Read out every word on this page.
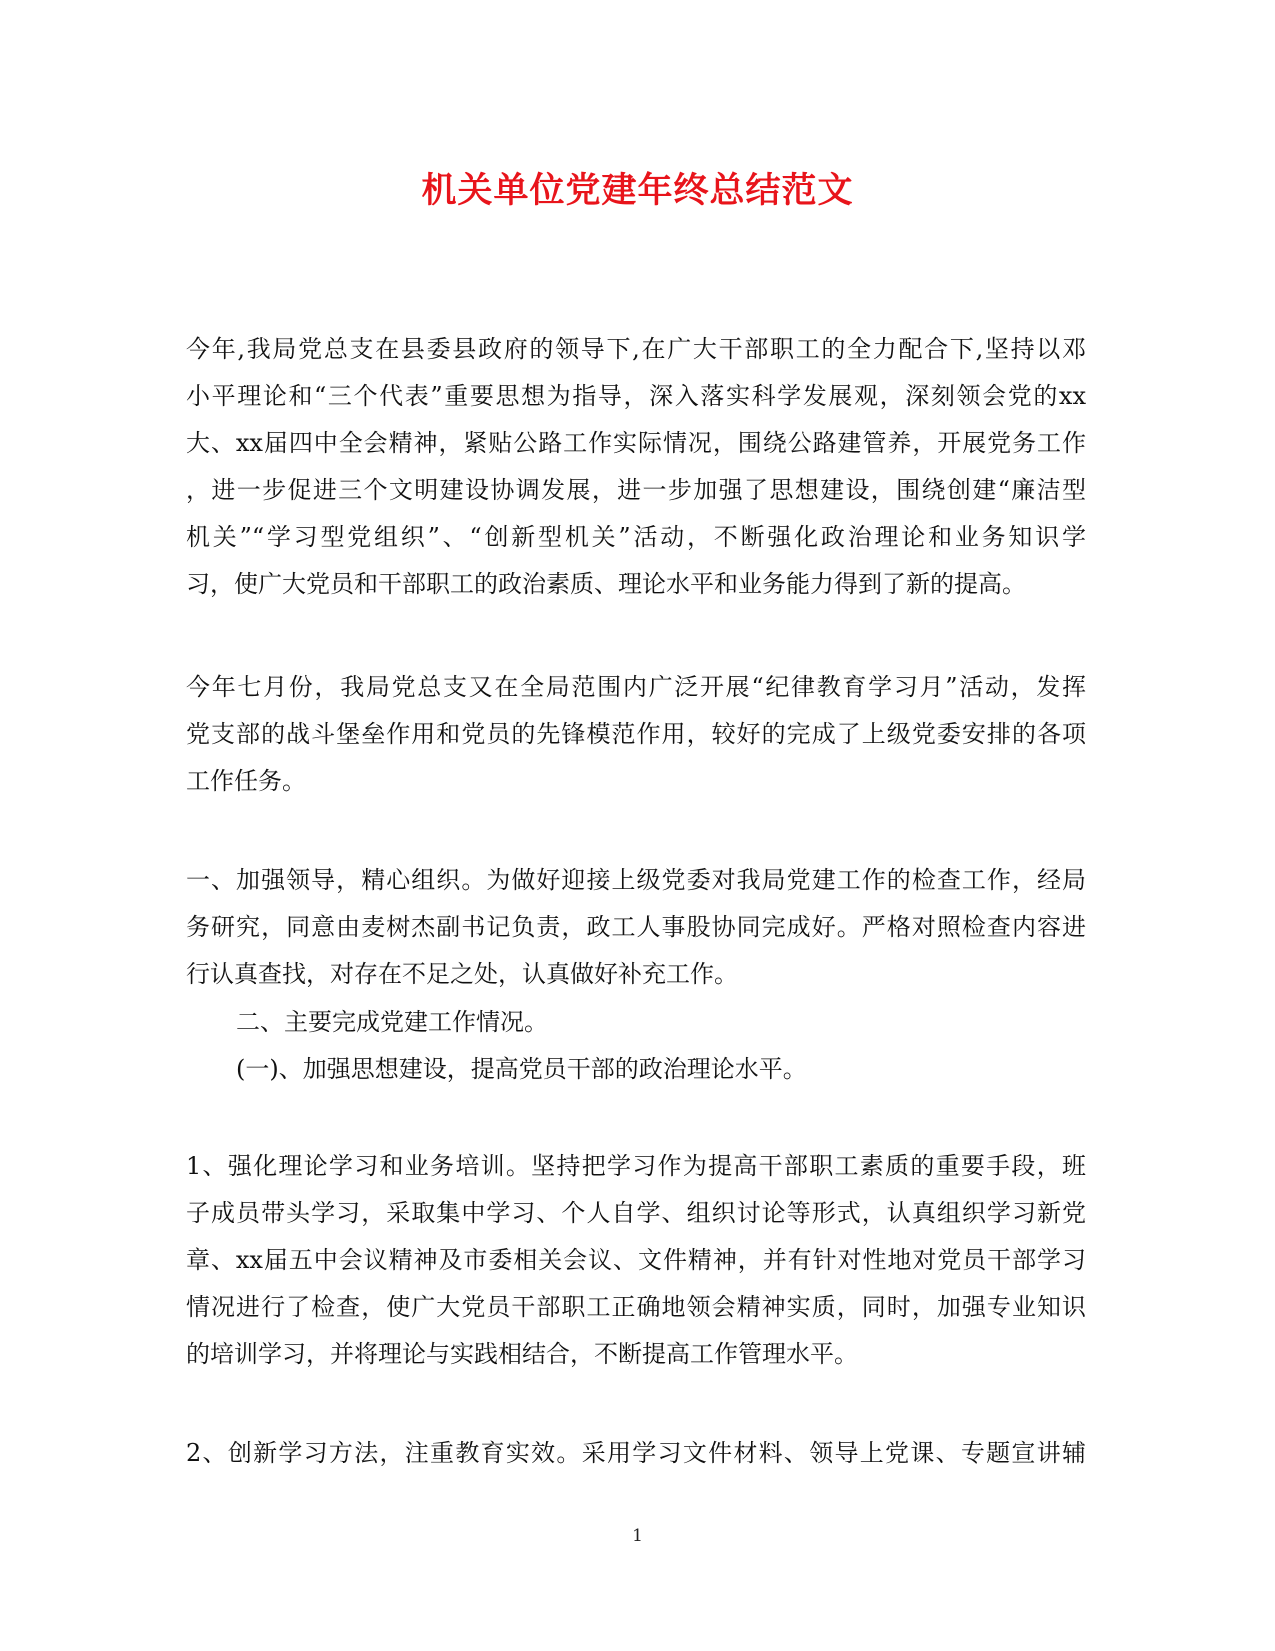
机关单位党建年终总结范文
今年,我局党总支在县委县政府的领导下,在广大干部职工的全力配合下,坚持以邓
小平理论和“三个代表”重要思想为指导，深入落实科学发展观，深刻领会党的xx
大、xx届四中全会精神，紧贴公路工作实际情况，围绕公路建管养，开展党务工作
，进一步促进三个文明建设协调发展，进一步加强了思想建设，围绕创建“廉洁型
机关”“学习型党组织”、“创新型机关”活动，不断强化政治理论和业务知识学
习，使广大党员和干部职工的政治素质、理论水平和业务能力得到了新的提高。
今年七月份，我局党总支又在全局范围内广泛开展“纪律教育学习月”活动，发挥
党支部的战斗堡垒作用和党员的先锋模范作用，较好的完成了上级党委安排的各项
工作任务。
一、加强领导，精心组织。为做好迎接上级党委对我局党建工作的检查工作，经局
务研究，同意由麦树杰副书记负责，政工人事股协同完成好。严格对照检查内容进
行认真查找，对存在不足之处，认真做好补充工作。
二、主要完成党建工作情况。
(一)、加强思想建设，提高党员干部的政治理论水平。
1、强化理论学习和业务培训。坚持把学习作为提高干部职工素质的重要手段，班
子成员带头学习，采取集中学习、个人自学、组织讨论等形式，认真组织学习新党
章、xx届五中会议精神及市委相关会议、文件精神，并有针对性地对党员干部学习
情况进行了检查，使广大党员干部职工正确地领会精神实质，同时，加强专业知识
的培训学习，并将理论与实践相结合，不断提高工作管理水平。
2、创新学习方法，注重教育实效。采用学习文件材料、领导上党课、专题宣讲辅
1
